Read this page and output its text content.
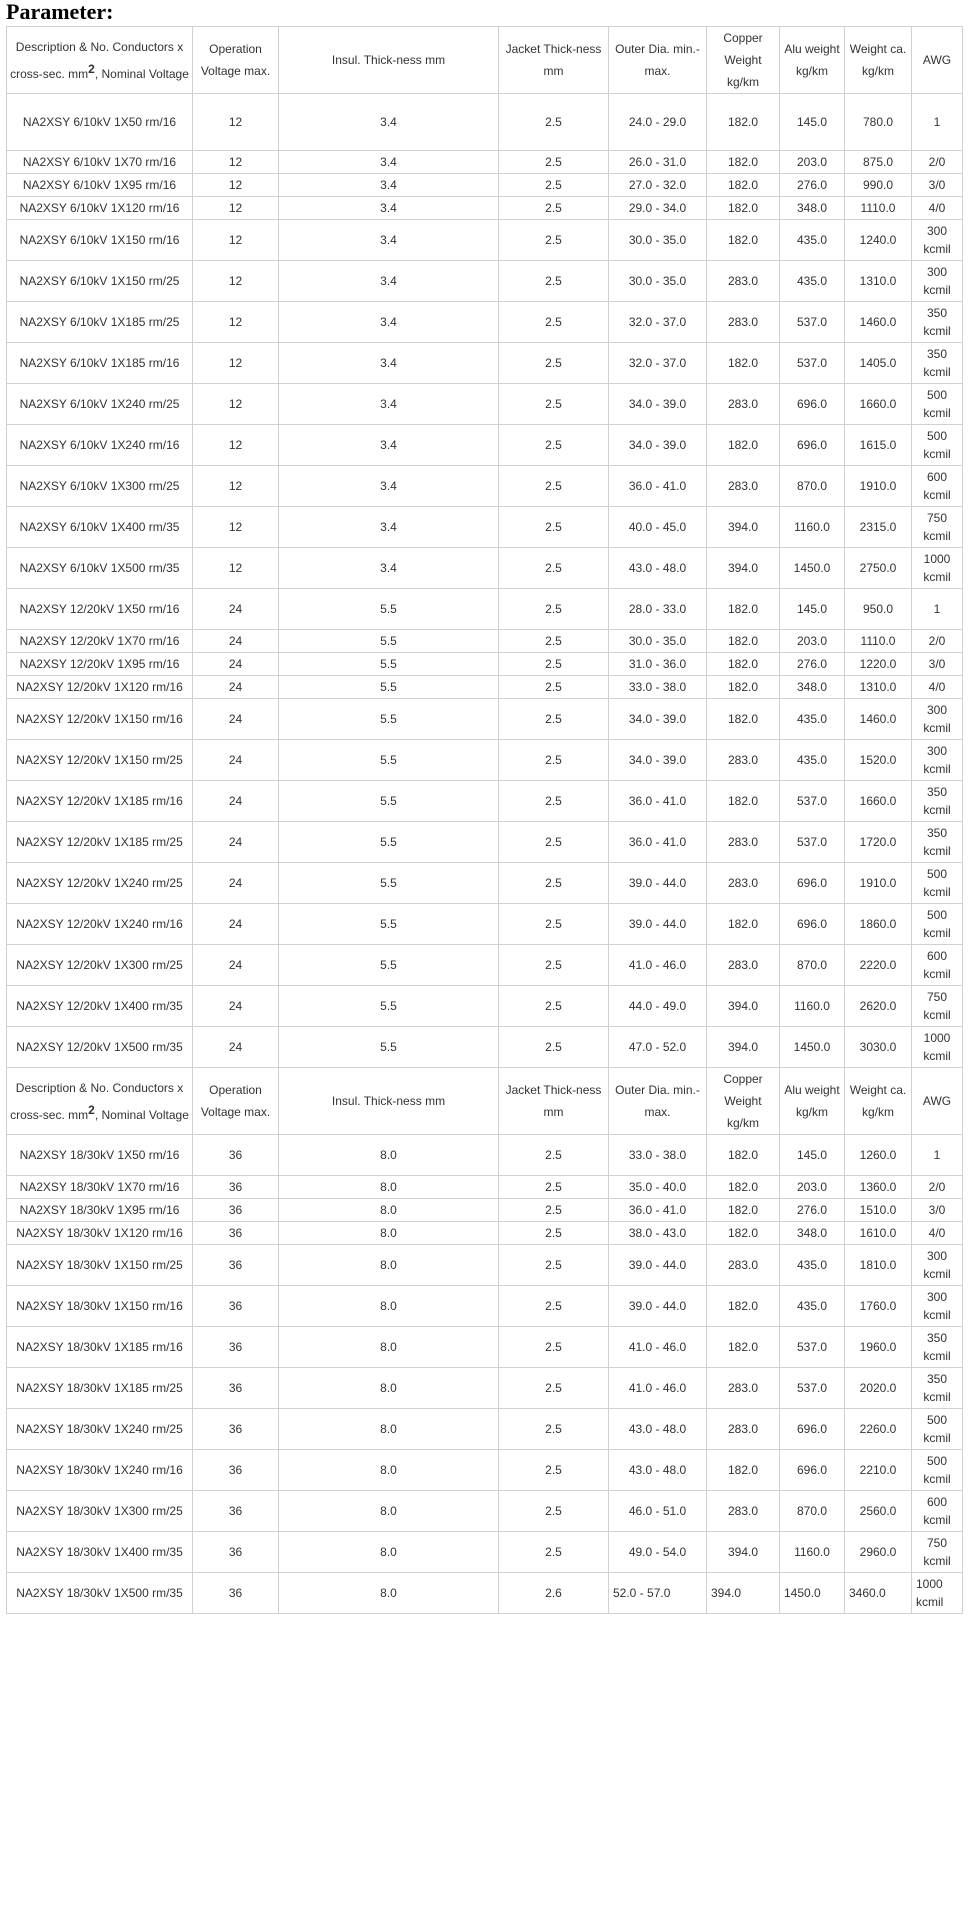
Parameter:
Description & No. Conductors x cross-sec. $mm^2$, Nominal Voltage	Operation Voltage max.	Insul. Thick-ness mm	Jacket Thick-ness mm	Outer Dia. min.-max.	Copper Weight kg/km	Alu weight kg/km	Weight ca. kg/km	AWG
NA2XSY 6/10kV 1X50 rm/16	12	3.4	2.5	24.0 - 29.0	182.0	145.0	780.0	1
NA2XSY 6/10kV 1X70 rm/16	12	3.4	2.5	26.0 - 31.0	182.0	203.0	875.0	2/0
NA2XSY 6/10kV 1X95 rm/16	12	3.4	2.5	27.0 - 32.0	182.0	276.0	990.0	3/0
NA2XSY 6/10kV 1X120 rm/16	12	3.4	2.5	29.0 - 34.0	182.0	348.0	1110.0	4/0
NA2XSY 6/10kV 1X150 rm/16	12	3.4	2.5	30.0 - 35.0	182.0	435.0	1240.0	300 kcmil
NA2XSY 6/10kV 1X150 rm/25	12	3.4	2.5	30.0 - 35.0	283.0	435.0	1310.0	300 kcmil
NA2XSY 6/10kV 1X185 rm/25	12	3.4	2.5	32.0 - 37.0	283.0	537.0	1460.0	350 kcmil
NA2XSY 6/10kV 1X185 rm/16	12	3.4	2.5	32.0 - 37.0	182.0	537.0	1405.0	350 kcmil
NA2XSY 6/10kV 1X240 rm/25	12	3.4	2.5	34.0 - 39.0	283.0	696.0	1660.0	500 kcmil
NA2XSY 6/10kV 1X240 rm/16	12	3.4	2.5	34.0 - 39.0	182.0	696.0	1615.0	500 kcmil
NA2XSY 6/10kV 1X300 rm/25	12	3.4	2.5	36.0 - 41.0	283.0	870.0	1910.0	600 kcmil
NA2XSY 6/10kV 1X400 rm/35	12	3.4	2.5	40.0 - 45.0	394.0	1160.0	2315.0	750 kcmil
NA2XSY 6/10kV 1X500 rm/35	12	3.4	2.5	43.0 - 48.0	394.0	1450.0	2750.0	1000 kcmil
NA2XSY 12/20kV 1X50 rm/16	24	5.5	2.5	28.0 - 33.0	182.0	145.0	950.0	1
NA2XSY 12/20kV 1X70 rm/16	24	5.5	2.5	30.0 - 35.0	182.0	203.0	1110.0	2/0
NA2XSY 12/20kV 1X95 rm/16	24	5.5	2.5	31.0 - 36.0	182.0	276.0	1220.0	3/0
NA2XSY 12/20kV 1X120 rm/16	24	5.5	2.5	33.0 - 38.0	182.0	348.0	1310.0	4/0
NA2XSY 12/20kV 1X150 rm/16	24	5.5	2.5	34.0 - 39.0	182.0	435.0	1460.0	300 kcmil
NA2XSY 12/20kV 1X150 rm/25	24	5.5	2.5	34.0 - 39.0	283.0	435.0	1520.0	300 kcmil
NA2XSY 12/20kV 1X185 rm/16	24	5.5	2.5	36.0 - 41.0	182.0	537.0	1660.0	350 kcmil
NA2XSY 12/20kV 1X185 rm/25	24	5.5	2.5	36.0 - 41.0	283.0	537.0	1720.0	350 kcmil
NA2XSY 12/20kV 1X240 rm/25	24	5.5	2.5	39.0 - 44.0	283.0	696.0	1910.0	500 kcmil
NA2XSY 12/20kV 1X240 rm/16	24	5.5	2.5	39.0 - 44.0	182.0	696.0	1860.0	500 kcmil
NA2XSY 12/20kV 1X300 rm/25	24	5.5	2.5	41.0 - 46.0	283.0	870.0	2220.0	600 kcmil
NA2XSY 12/20kV 1X400 rm/35	24	5.5	2.5	44.0 - 49.0	394.0	1160.0	2620.0	750 kcmil
NA2XSY 12/20kV 1X500 rm/35	24	5.5	2.5	47.0 - 52.0	394.0	1450.0	3030.0	1000 kcmil
Description & No. Conductors x cross-sec. $mm^2$, Nominal Voltage	Operation Voltage max.	Insul. Thick-ness mm	Jacket Thick-ness mm	Outer Dia. min.-max.	Copper Weight kg/km	Alu weight kg/km	Weight ca. kg/km	AWG
NA2XSY 18/30kV 1X50 rm/16	36	8.0	2.5	33.0 - 38.0	182.0	145.0	1260.0	1
NA2XSY 18/30kV 1X70 rm/16	36	8.0	2.5	35.0 - 40.0	182.0	203.0	1360.0	2/0
NA2XSY 18/30kV 1X95 rm/16	36	8.0	2.5	36.0 - 41.0	182.0	276.0	1510.0	3/0
NA2XSY 18/30kV 1X120 rm/16	36	8.0	2.5	38.0 - 43.0	182.0	348.0	1610.0	4/0
NA2XSY 18/30kV 1X150 rm/25	36	8.0	2.5	39.0 - 44.0	283.0	435.0	1810.0	300 kcmil
NA2XSY 18/30kV 1X150 rm/16	36	8.0	2.5	39.0 - 44.0	182.0	435.0	1760.0	300 kcmil
NA2XSY 18/30kV 1X185 rm/16	36	8.0	2.5	41.0 - 46.0	182.0	537.0	1960.0	350 kcmil
NA2XSY 18/30kV 1X185 rm/25	36	8.0	2.5	41.0 - 46.0	283.0	537.0	2020.0	350 kcmil
NA2XSY 18/30kV 1X240 rm/25	36	8.0	2.5	43.0 - 48.0	283.0	696.0	2260.0	500 kcmil
NA2XSY 18/30kV 1X240 rm/16	36	8.0	2.5	43.0 - 48.0	182.0	696.0	2210.0	500 kcmil
NA2XSY 18/30kV 1X300 rm/25	36	8.0	2.5	46.0 - 51.0	283.0	870.0	2560.0	600 kcmil
NA2XSY 18/30kV 1X400 rm/35	36	8.0	2.5	49.0 - 54.0	394.0	1160.0	2960.0	750 kcmil
NA2XSY 18/30kV 1X500 rm/35	36	8.0	2.6	52.0 - 57.0	394.0	1450.0	3460.0	1000 kcmil
